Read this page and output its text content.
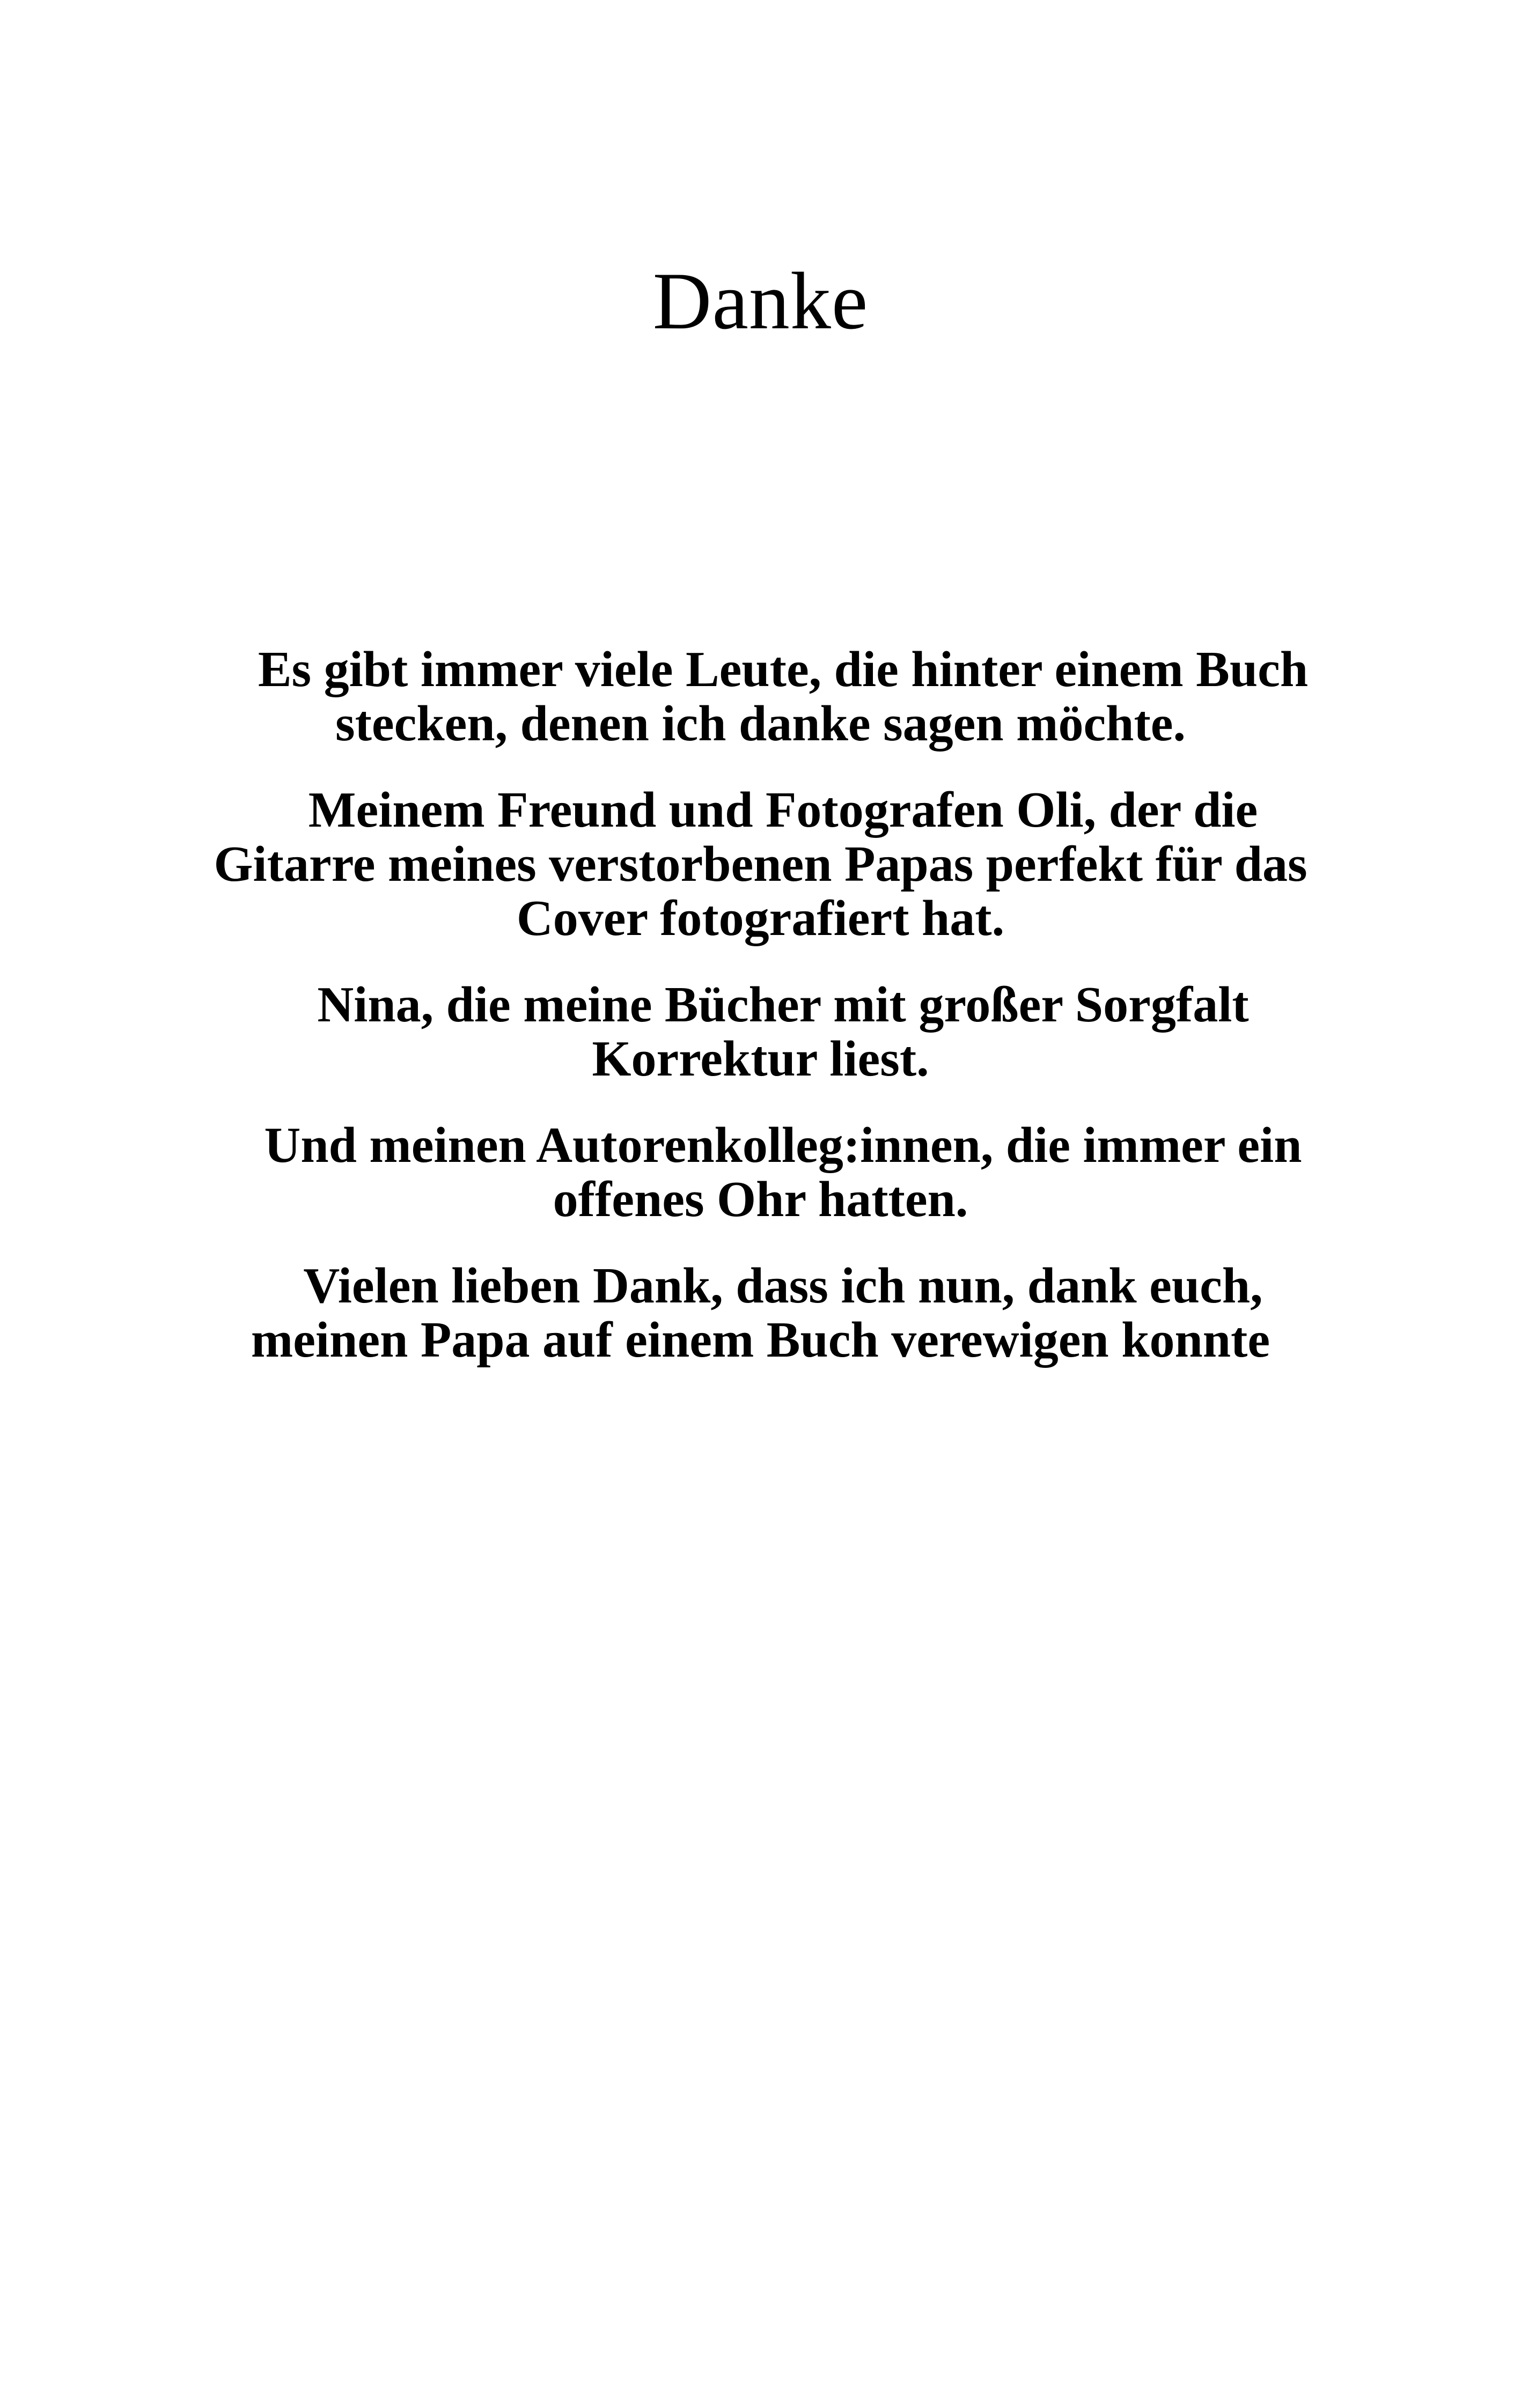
Danke

Es gibt immer viele Leute, die hinter einem Buch stecken, denen ich danke sagen möchte.

Meinem Freund und Fotografen Oli, der die Gitarre meines verstorbenen Papas perfekt für das Cover fotografiert hat.

Nina, die meine Bücher mit großer Sorgfalt Korrektur liest.

Und meinen Autorenkolleg:innen, die immer ein offenes Ohr hatten.

Vielen lieben Dank, dass ich nun, dank euch, meinen Papa auf einem Buch verewigen konnte
